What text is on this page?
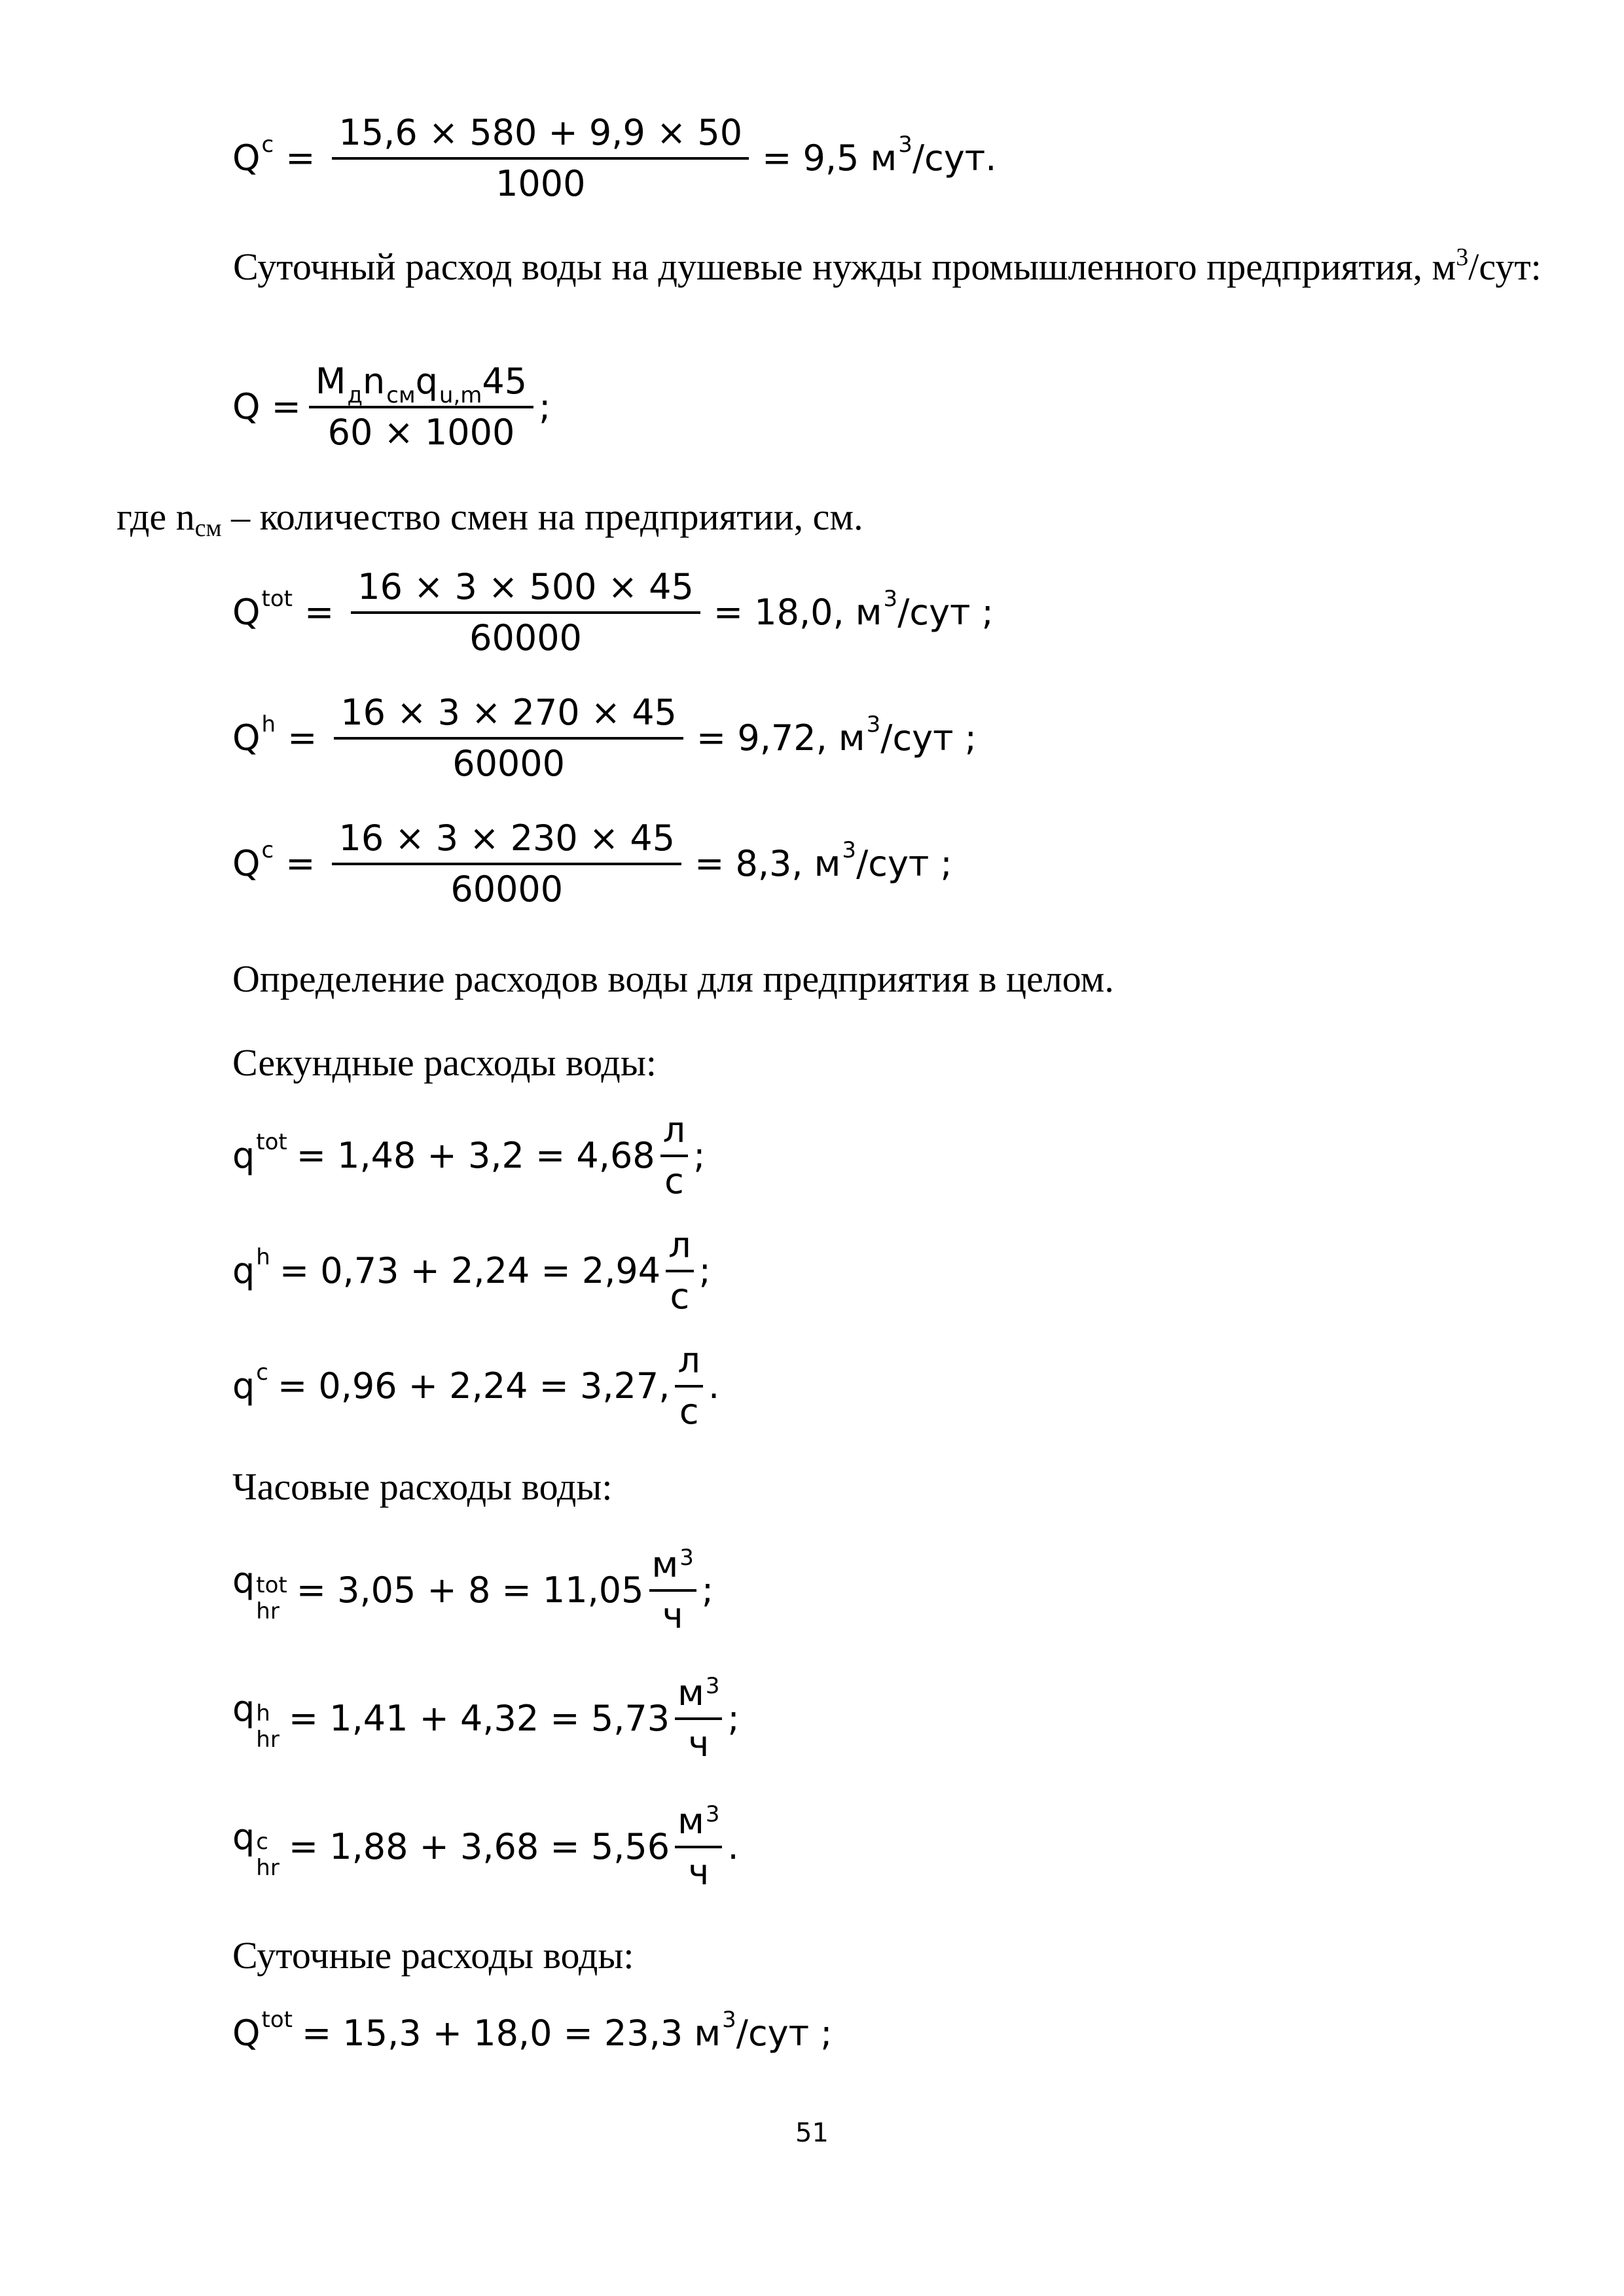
$Q^c = \frac{15,6 \times 580 + 9,9 \times 50}{1000} = 9,5$ $м^3$/сут.
Суточный расход воды на душевые нужды промышленного предприятия, $м^3$/сут:
$Q = \frac{M_дn_{см}q_{u,m}45}{60 \times 1000}$ ;
где nсм – количество смен на предприятии, см.
$Q^{tot} = \frac{16 \times 3 \times 500 \times 45}{60000} = 18,0$, $м^3$/сут ;
$Q^h = \frac{16 \times 3 \times 270 \times 45}{60000} = 9,72$, $м^3$/сут ;
$Q^c = \frac{16 \times 3 \times 230 \times 45}{60000} = 8,3$, $м^3$/сут ;
Определение расходов воды для предприятия в целом.
Секундные расходы воды:
$q^{tot} = 1,48 + 3,2 = 4,68 \frac{л}{с}$ ;
$q^h = 0,73 + 2,24 = 2,94 \frac{л}{с}$ ;
$q^c = 0,96 + 2,24 = 3,27$, $\frac{л}{с}$ .
Часовые расходы воды:
q tot
hr
= $3,05 + 8 = 11,05 \frac{м^3}{ч}$ ;
q h
hr
= $1,41 + 4,32 = 5,73 \frac{м^3}{ч}$ ;
q c
hr
= $1,88 + 3,68 = 5,56 \frac{м^3}{ч}$ .
Суточные расходы воды:
$Q^{tot} = 15,3 + 18,0 = 23,3$ $м^3$/сут ;
51
